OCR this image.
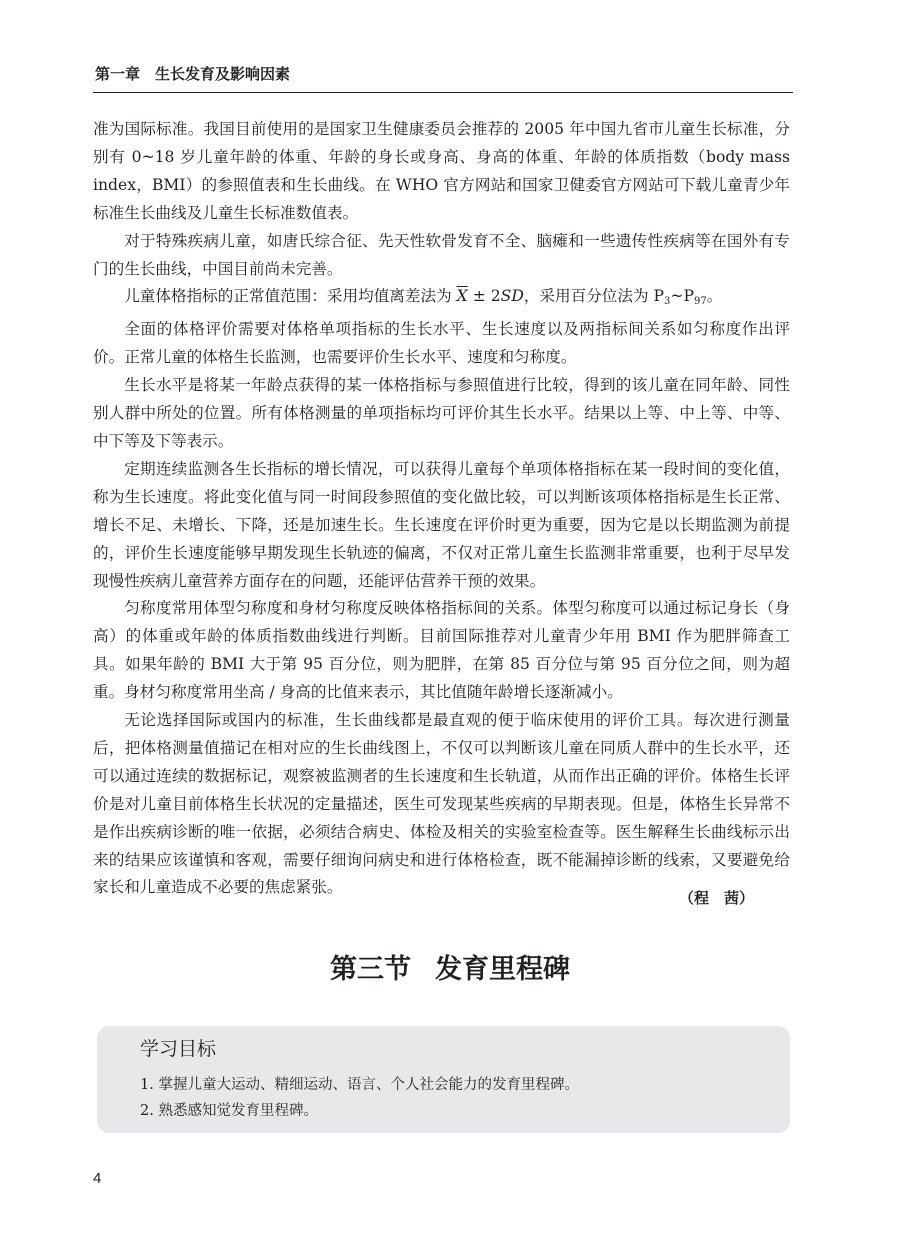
第一章　生长发育及影响因素

准为国际标准。我国目前使用的是国家卫生健康委员会推荐的 2005 年中国九省市儿童生长标准，分别有 0~18 岁儿童年龄的体重、年龄的身长或身高、身高的体重、年龄的体质指数（body mass index，BMI）的参照值表和生长曲线。在 WHO 官方网站和国家卫健委官方网站可下载儿童青少年标准生长曲线及儿童生长标准数值表。

对于特殊疾病儿童，如唐氏综合征、先天性软骨发育不全、脑瘫和一些遗传性疾病等在国外有专门的生长曲线，中国目前尚未完善。

儿童体格指标的正常值范围：采用均值离差法为 $\overline{X} \pm 2SD$，采用百分位法为 $P_3\sim P_{97}$。

全面的体格评价需要对体格单项指标的生长水平、生长速度以及两指标间关系如匀称度作出评价。正常儿童的体格生长监测，也需要评价生长水平、速度和匀称度。

生长水平是将某一年龄点获得的某一体格指标与参照值进行比较，得到的该儿童在同年龄、同性别人群中所处的位置。所有体格测量的单项指标均可评价其生长水平。结果以上等、中上等、中等、中下等及下等表示。

定期连续监测各生长指标的增长情况，可以获得儿童每个单项体格指标在某一段时间的变化值，称为生长速度。将此变化值与同一时间段参照值的变化做比较，可以判断该项体格指标是生长正常、增长不足、未增长、下降，还是加速生长。生长速度在评价时更为重要，因为它是以长期监测为前提的，评价生长速度能够早期发现生长轨迹的偏离，不仅对正常儿童生长监测非常重要，也利于尽早发现慢性疾病儿童营养方面存在的问题，还能评估营养干预的效果。

匀称度常用体型匀称度和身材匀称度反映体格指标间的关系。体型匀称度可以通过标记身长（身高）的体重或年龄的体质指数曲线进行判断。目前国际推荐对儿童青少年用 BMI 作为肥胖筛查工具。如果年龄的 BMI 大于第 95 百分位，则为肥胖，在第 85 百分位与第 95 百分位之间，则为超重。身材匀称度常用坐高 / 身高的比值来表示，其比值随年龄增长逐渐减小。

无论选择国际或国内的标准，生长曲线都是最直观的便于临床使用的评价工具。每次进行测量后，把体格测量值描记在相对应的生长曲线图上，不仅可以判断该儿童在同质人群中的生长水平，还可以通过连续的数据标记，观察被监测者的生长速度和生长轨道，从而作出正确的评价。体格生长评价是对儿童目前体格生长状况的定量描述，医生可发现某些疾病的早期表现。但是，体格生长异常不是作出疾病诊断的唯一依据，必须结合病史、体检及相关的实验室检查等。医生解释生长曲线标示出来的结果应该谨慎和客观，需要仔细询问病史和进行体格检查，既不能漏掉诊断的线索，又要避免给家长和儿童造成不必要的焦虑紧张。

（程　茜）
第三节 发育里程碑
学习目标

1. 掌握儿童大运动、精细运动、语言、个人社会能力的发育里程碑。

2. 熟悉感知觉发育里程碑。

4
